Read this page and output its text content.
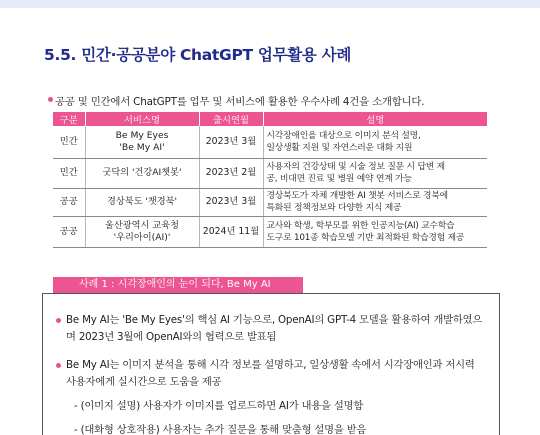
5.5. 민간·공공분야 ChatGPT 업무활용 사례

공공 및 민간에서 ChatGPT를 업무 및 서비스에 활용한 우수사례 4건을 소개합니다.

구분	서비스명	출시연월	설명
민간	Be My Eyes
'Be My AI'	2023년 3월	시각장애인을 대상으로 이미지 분석 설명,
일상생활 지원 및 자연스러운 대화 지원
민간	굿닥의 '건강AI챗봇'	2023년 2월	사용자의 건강상태 및 시술 정보 질문 시 답변 제
공, 비대면 진료 및 병원 예약 연계 가능
공공	경상북도 '챗경북'	2023년 3월	경상북도가 자체 개발한 AI 챗봇 서비스로 경북에
특화된 정책정보와 다양한 지식 제공
공공	울산광역시 교육청
'우리아이(AI)'	2024년 11월	교사와 학생, 학부모를 위한 인공지능(AI) 교수학습
도구로 101종 학습모델 기반 최적화된 학습경험 제공
사례 1 : 시각장애인의 눈이 되다, Be My AI
Be My AI는 'Be My Eyes'의 핵심 AI 기능으로, OpenAI의 GPT-4 모델을 활용하여 개발하였으며 2023년 3월에 OpenAI와의 협력으로 발표됨
Be My AI는 이미지 분석을 통해 시각 정보를 설명하고, 일상생활 속에서 시각장애인과 저시력 사용자에게 실시간으로 도움을 제공
- (이미지 설명) 사용자가 이미지를 업로드하면 AI가 내용을 설명함
- (대화형 상호작용) 사용자는 추가 질문을 통해 맞춤형 설명을 받음
